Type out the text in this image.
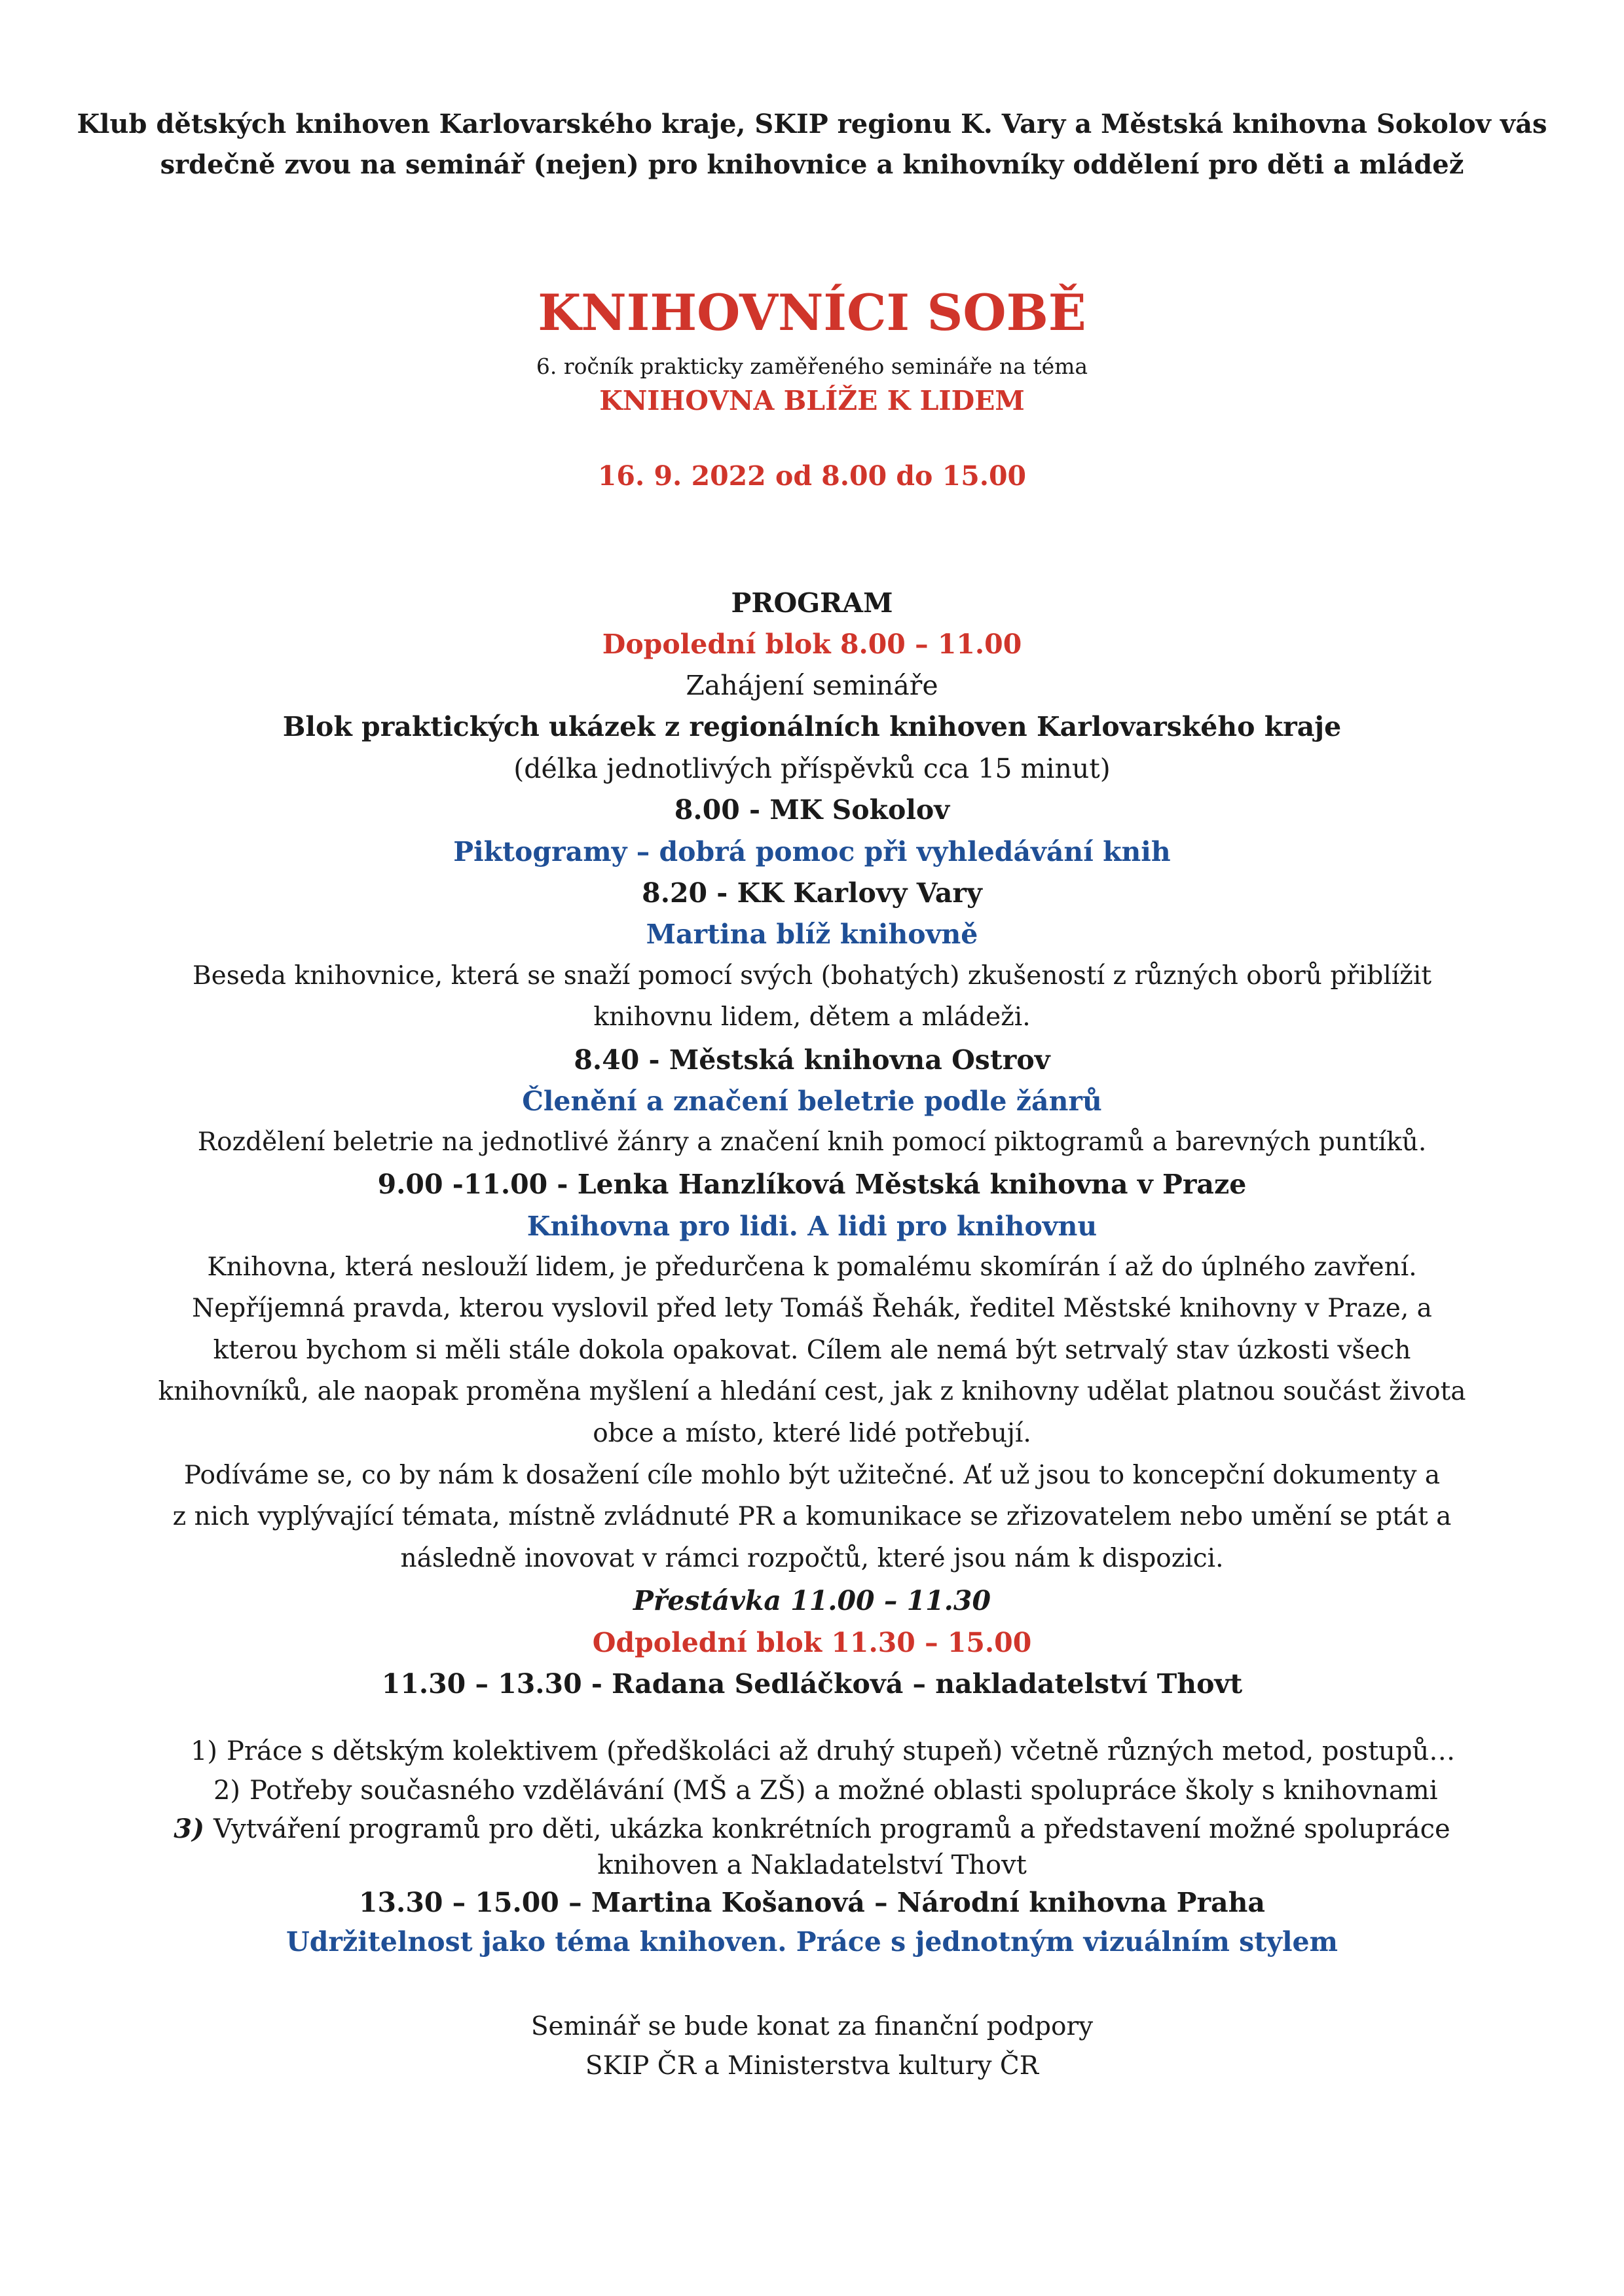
Klub dětských knihoven Karlovarského kraje, SKIP regionu K. Vary a Městská knihovna Sokolov vás
srdečně zvou na seminář (nejen) pro knihovnice a knihovníky oddělení pro děti a mládež
KNIHOVNÍCI SOBĚ
6. ročník prakticky zaměřeného semináře na téma
KNIHOVNA BLÍŽE K LIDEM
16. 9. 2022 od 8.00 do 15.00
PROGRAM
Dopolední blok 8.00 – 11.00
Zahájení semináře
Blok praktických ukázek z regionálních knihoven Karlovarského kraje
(délka jednotlivých příspěvků cca 15 minut)
8.00 - MK Sokolov
Piktogramy – dobrá pomoc při vyhledávání knih
8.20 - KK Karlovy Vary
Martina blíž knihovně
Beseda knihovnice, která se snaží pomocí svých (bohatých) zkušeností z různých oborů přiblížit
knihovnu lidem, dětem a mládeži.
8.40 - Městská knihovna Ostrov
Členění a značení beletrie podle žánrů
Rozdělení beletrie na jednotlivé žánry a značení knih pomocí piktogramů a barevných puntíků.
9.00 -11.00 - Lenka Hanzlíková Městská knihovna v Praze
Knihovna pro lidi. A lidi pro knihovnu
Knihovna, která neslouží lidem, je předurčena k pomalému skomírán í až do úplného zavření.
Nepříjemná pravda, kterou vyslovil před lety Tomáš Řehák, ředitel Městské knihovny v Praze, a
kterou bychom si měli stále dokola opakovat. Cílem ale nemá být setrvalý stav úzkosti všech
knihovníků, ale naopak proměna myšlení a hledání cest, jak z knihovny udělat platnou součást života
obce a místo, které lidé potřebují.
Podíváme se, co by nám k dosažení cíle mohlo být užitečné. Ať už jsou to koncepční dokumenty a
z nich vyplývající témata, místně zvládnuté PR a komunikace se zřizovatelem nebo umění se ptát a
následně inovovat v rámci rozpočtů, které jsou nám k dispozici.
Přestávka 11.00 – 11.30
Odpolední blok 11.30 – 15.00
11.30 – 13.30 - Radana Sedláčková – nakladatelství Thovt
1) Práce s dětským kolektivem (předškoláci až druhý stupeň) včetně různých metod, postupů…
2) Potřeby současného vzdělávání (MŠ a ZŠ) a možné oblasti spolupráce školy s knihovnami
3) Vytváření programů pro děti, ukázka konkrétních programů a představení možné spolupráce
knihoven a Nakladatelství Thovt
13.30 – 15.00 – Martina Košanová – Národní knihovna Praha
Udržitelnost jako téma knihoven. Práce s jednotným vizuálním stylem
Seminář se bude konat za finanční podpory
SKIP ČR a Ministerstva kultury ČR
